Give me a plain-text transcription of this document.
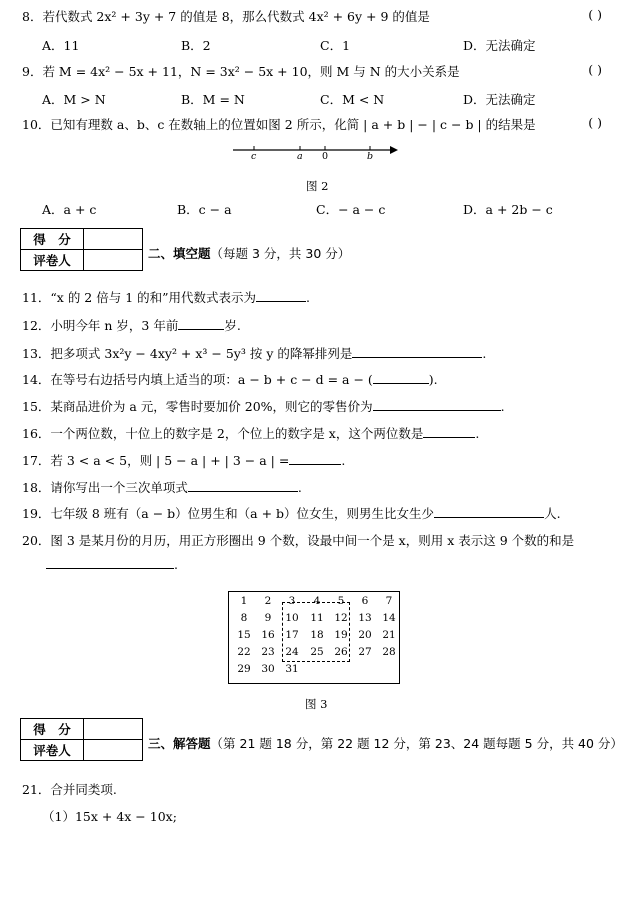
8．若代数式 2x² + 3y + 7 的值是 8，那么代数式 4x² + 6y + 9 的值是	( )
A．11	B．2	C．1	D．无法确定
9．若 M = 4x² − 5x + 11，N = 3x² − 5x + 10，则 M 与 N 的大小关系是	( )
A．M > N	B．M = N	C．M < N	D．无法确定
10．已知有理数 a、b、c 在数轴上的位置如图 2 所示，化简 | a + b | − | c − b | 的结果是	( )
c	a 0	b
图 2
A．a + c	B．c − a	C．− a − c	D．a + 2b − c
得　分	
评卷人		二、填空题（每题 3 分，共 30 分）
11．“x 的 2 倍与 1 的和”用代数式表示为	.
12．小明今年 n 岁，3 年前	岁.
13．把多项式 3x²y − 4xy² + x³ − 5y³ 按 y 的降幂排列是	.
14．在等号右边括号内填上适当的项：a − b + c − d = a − (	).
15．某商品进价为 a 元，零售时要加价 20%，则它的零售价为	.
16．一个两位数，十位上的数字是 2，个位上的数字是 x，这个两位数是	.
17．若 3 < a < 5，则 | 5 − a | + | 3 − a | =	.
18．请你写出一个三次单项式	.
19．七年级 8 班有（a − b）位男生和（a + b）位女生，则男生比女生少	人.
20．图 3 是某月份的月历，用正方形圈出 9 个数，设最中间一个是 x，则用 x 表示这 9 个数的和是
.
1	2	3	4	5	6	7
8	9	10	11	12	13	14
15	16	17	18	19	20	21
22	23	24	25	26	27	28
29	30	31
图 3
得　分	
评卷人		三、解答题（第 21 题 18 分，第 22 题 12 分，第 23、24 题每题 5 分，共 40 分）
21．合并同类项.
（1）15x + 4x − 10x;
